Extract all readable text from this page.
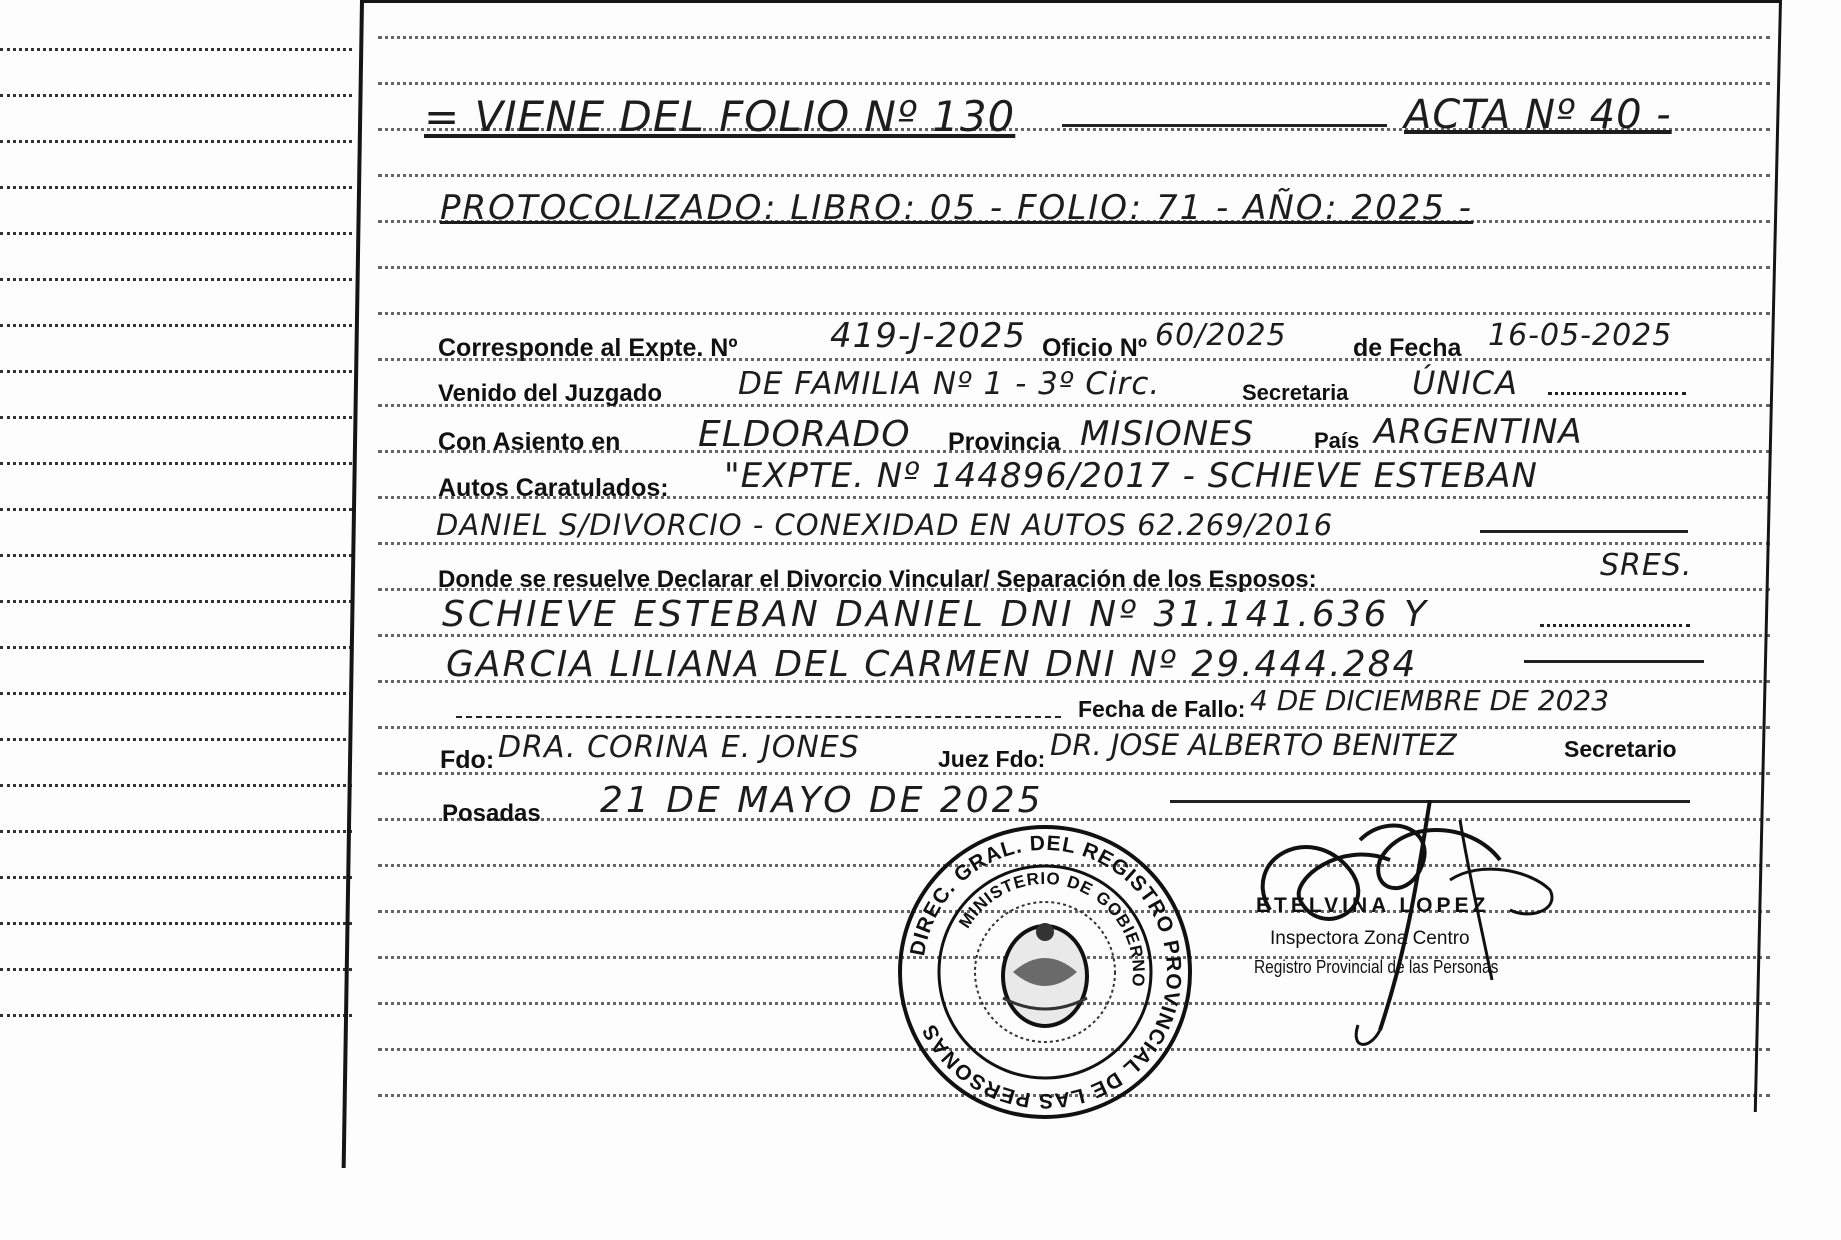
= VIENE DEL FOLIO Nº 130	ACTA Nº 40 -
PROTOCOLIZADO: LIBRO: 05 - FOLIO: 71 - AÑO: 2025 -
Corresponde al Expte. Nº	419-J-2025 Oficio Nº 60/2025	de Fecha 16-05-2025
Venido del Juzgado DE FAMILIA Nº 1 - 3º Circ.	Secretaria ÚNICA
Con Asiento en ELDORADO Provincia MISIONES	País ARGENTINA
Autos Caratulados: "EXPTE. Nº 144896/2017 - SCHIEVE ESTEBAN
DANIEL S/DIVORCIO - CONEXIDAD EN AUTOS 62.269/2016
Donde se resuelve Declarar el Divorcio Vincular/ Separación de los Esposos:	SRES.
SCHIEVE ESTEBAN DANIEL DNI Nº 31.141.636 Y
GARCIA LILIANA DEL CARMEN DNI Nº 29.444.284
Fecha de Fallo: 4 DE DICIEMBRE DE 2023
Fdo: DRA. CORINA E. JONES	Juez Fdo: DR. JOSE ALBERTO BENITEZ	Secretario
Posadas 21 DE MAYO DE 2025
DIREC. GRAL. DEL REGISTRO PROVINCIAL DE LAS PERSONAS
MINISTERIO DE GOBIERNO
ETELVINA LOPEZ
Inspectora Zona Centro
Registro Provincial de las Personas
